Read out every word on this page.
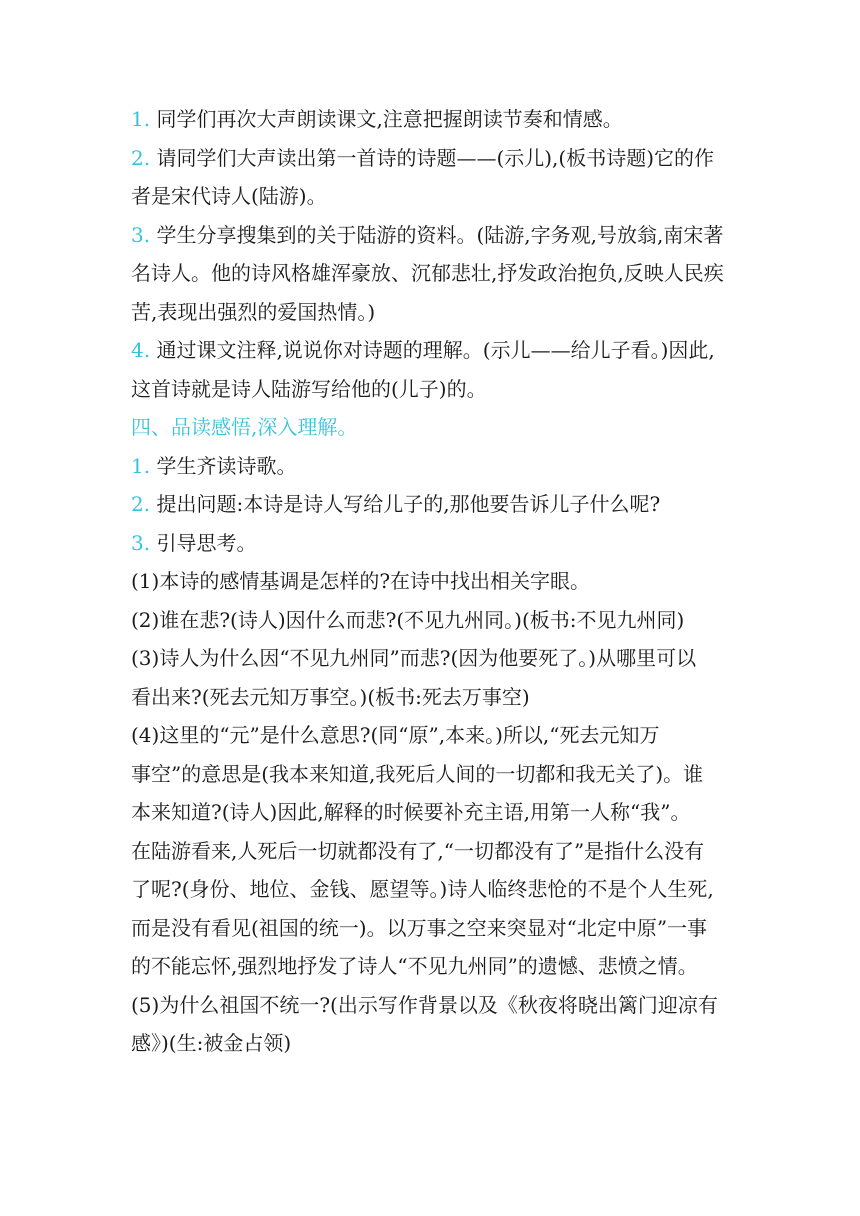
1. 同学们再次大声朗读课文,注意把握朗读节奏和情感。
2. 请同学们大声读出第一首诗的诗题——(示儿),(板书诗题)它的作
者是宋代诗人(陆游)。
3. 学生分享搜集到的关于陆游的资料。(陆游,字务观,号放翁,南宋著
名诗人。他的诗风格雄浑豪放、沉郁悲壮,抒发政治抱负,反映人民疾
苦,表现出强烈的爱国热情。)
4. 通过课文注释,说说你对诗题的理解。(示儿——给儿子看。)因此,
这首诗就是诗人陆游写给他的(儿子)的。
四、品读感悟,深入理解。
1. 学生齐读诗歌。
2. 提出问题:本诗是诗人写给儿子的,那他要告诉儿子什么呢?
3. 引导思考。
(1)本诗的感情基调是怎样的?在诗中找出相关字眼。
(2)谁在悲?(诗人)因什么而悲?(不见九州同。)(板书:不见九州同)
(3)诗人为什么因“不见九州同”而悲?(因为他要死了。)从哪里可以
看出来?(死去元知万事空。)(板书:死去万事空)
(4)这里的“元”是什么意思?(同“原”,本来。)所以,“死去元知万
事空”的意思是(我本来知道,我死后人间的一切都和我无关了)。谁
本来知道?(诗人)因此,解释的时候要补充主语,用第一人称“我”。
在陆游看来,人死后一切就都没有了,“一切都没有了”是指什么没有
了呢?(身份、地位、金钱、愿望等。)诗人临终悲怆的不是个人生死,
而是没有看见(祖国的统一)。以万事之空来突显对“北定中原”一事
的不能忘怀,强烈地抒发了诗人“不见九州同”的遗憾、悲愤之情。
(5)为什么祖国不统一?(出示写作背景以及《秋夜将晓出篱门迎凉有
感》)(生:被金占领)
